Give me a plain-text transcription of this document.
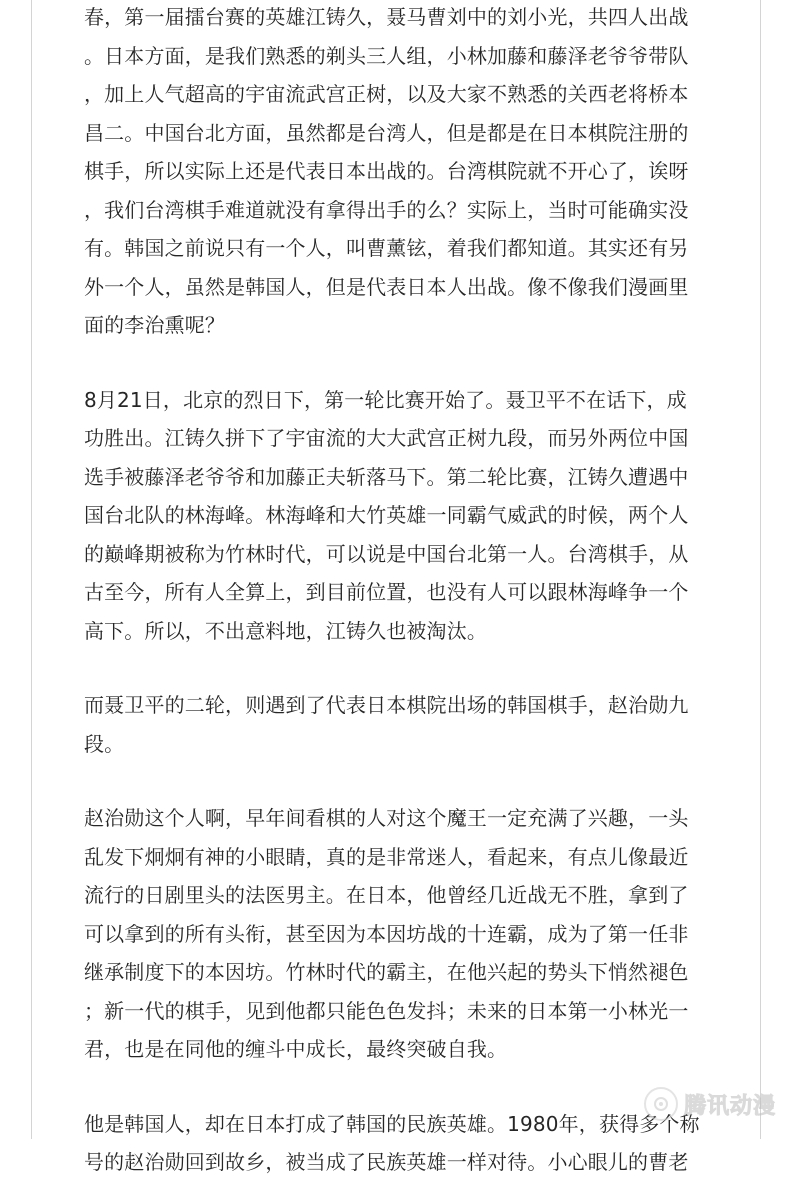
春，第一届擂台赛的英雄江铸久，聂马曹刘中的刘小光，共四人出战
。日本方面，是我们熟悉的剃头三人组，小林加藤和藤泽老爷爷带队
，加上人气超高的宇宙流武宫正树，以及大家不熟悉的关西老将桥本
昌二。中国台北方面，虽然都是台湾人，但是都是在日本棋院注册的
棋手，所以实际上还是代表日本出战的。台湾棋院就不开心了，诶呀
，我们台湾棋手难道就没有拿得出手的么？实际上，当时可能确实没
有。韩国之前说只有一个人，叫曹薰铉，着我们都知道。其实还有另
外一个人，虽然是韩国人，但是代表日本人出战。像不像我们漫画里
面的李治熏呢？

8月21日，北京的烈日下，第一轮比赛开始了。聂卫平不在话下，成
功胜出。江铸久拼下了宇宙流的大大武宫正树九段，而另外两位中国
选手被藤泽老爷爷和加藤正夫斩落马下。第二轮比赛，江铸久遭遇中
国台北队的林海峰。林海峰和大竹英雄一同霸气威武的时候，两个人
的巅峰期被称为竹林时代，可以说是中国台北第一人。台湾棋手，从
古至今，所有人全算上，到目前位置，也没有人可以跟林海峰争一个
高下。所以，不出意料地，江铸久也被淘汰。

而聂卫平的二轮，则遇到了代表日本棋院出场的韩国棋手，赵治勋九
段。

赵治勋这个人啊，早年间看棋的人对这个魔王一定充满了兴趣，一头
乱发下炯炯有神的小眼睛，真的是非常迷人，看起来，有点儿像最近
流行的日剧里头的法医男主。在日本，他曾经几近战无不胜，拿到了
可以拿到的所有头衔，甚至因为本因坊战的十连霸，成为了第一任非
继承制度下的本因坊。竹林时代的霸主，在他兴起的势头下悄然褪色
；新一代的棋手，见到他都只能色色发抖；未来的日本第一小林光一
君，也是在同他的缠斗中成长，最终突破自我。

他是韩国人，却在日本打成了韩国的民族英雄。1980年，获得多个称
号的赵治勋回到故乡，被当成了民族英雄一样对待。小心眼儿的曹老

腾讯动漫
